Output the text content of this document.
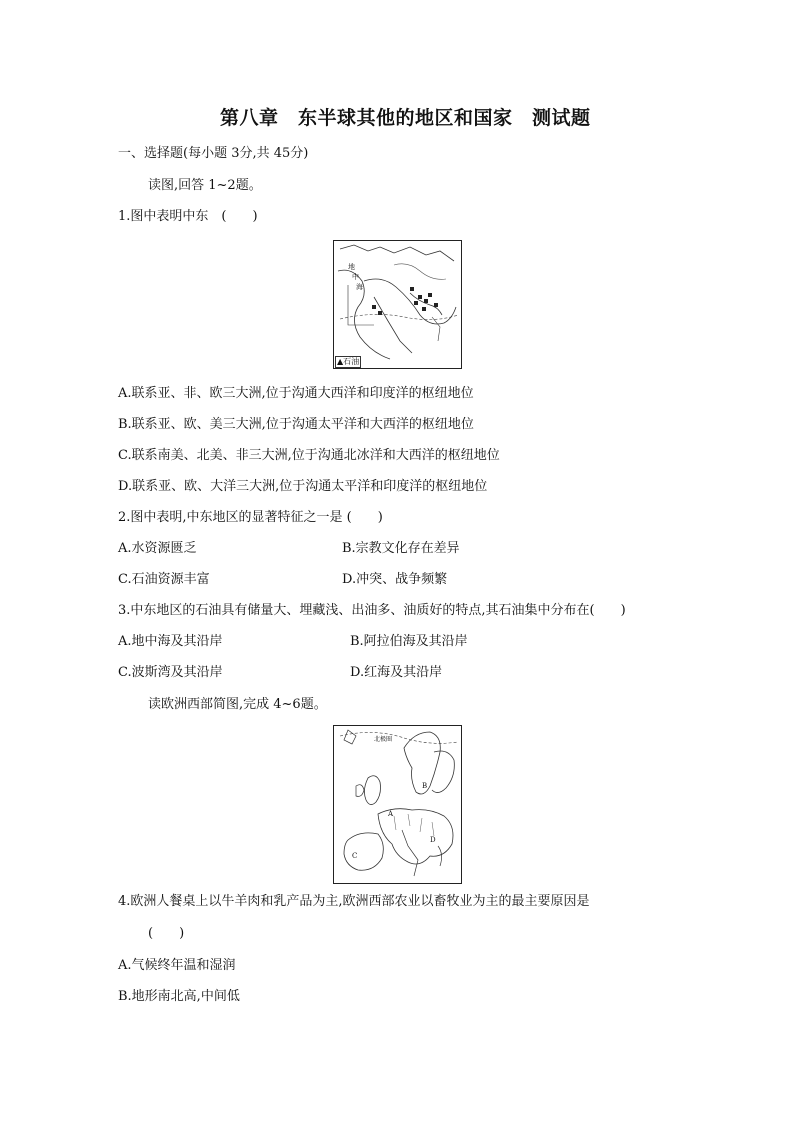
第八章　东半球其他的地区和国家　测试题
一、选择题(每小题 3分,共 45分)
读图,回答 1~2题。
1.图中表明中东　(　　)
地
中
海
▲石油
A.联系亚、非、欧三大洲,位于沟通大西洋和印度洋的枢纽地位
B.联系亚、欧、美三大洲,位于沟通太平洋和大西洋的枢纽地位
C.联系南美、北美、非三大洲,位于沟通北冰洋和大西洋的枢纽地位
D.联系亚、欧、大洋三大洲,位于沟通太平洋和印度洋的枢纽地位
2.图中表明,中东地区的显著特征之一是 (　　)
A.水资源匮乏	B.宗教文化存在差异
C.石油资源丰富	D.冲突、战争频繁
3.中东地区的石油具有储量大、埋藏浅、出油多、油质好的特点,其石油集中分布在(　　)
A.地中海及其沿岸	B.阿拉伯海及其沿岸
C.波斯湾及其沿岸	D.红海及其沿岸
读欧洲西部简图,完成 4~6题。
北极圈
A
B
C
D
4.欧洲人餐桌上以牛羊肉和乳产品为主,欧洲西部农业以畜牧业为主的最主要原因是
(　　)
A.气候终年温和湿润
B.地形南北高,中间低
